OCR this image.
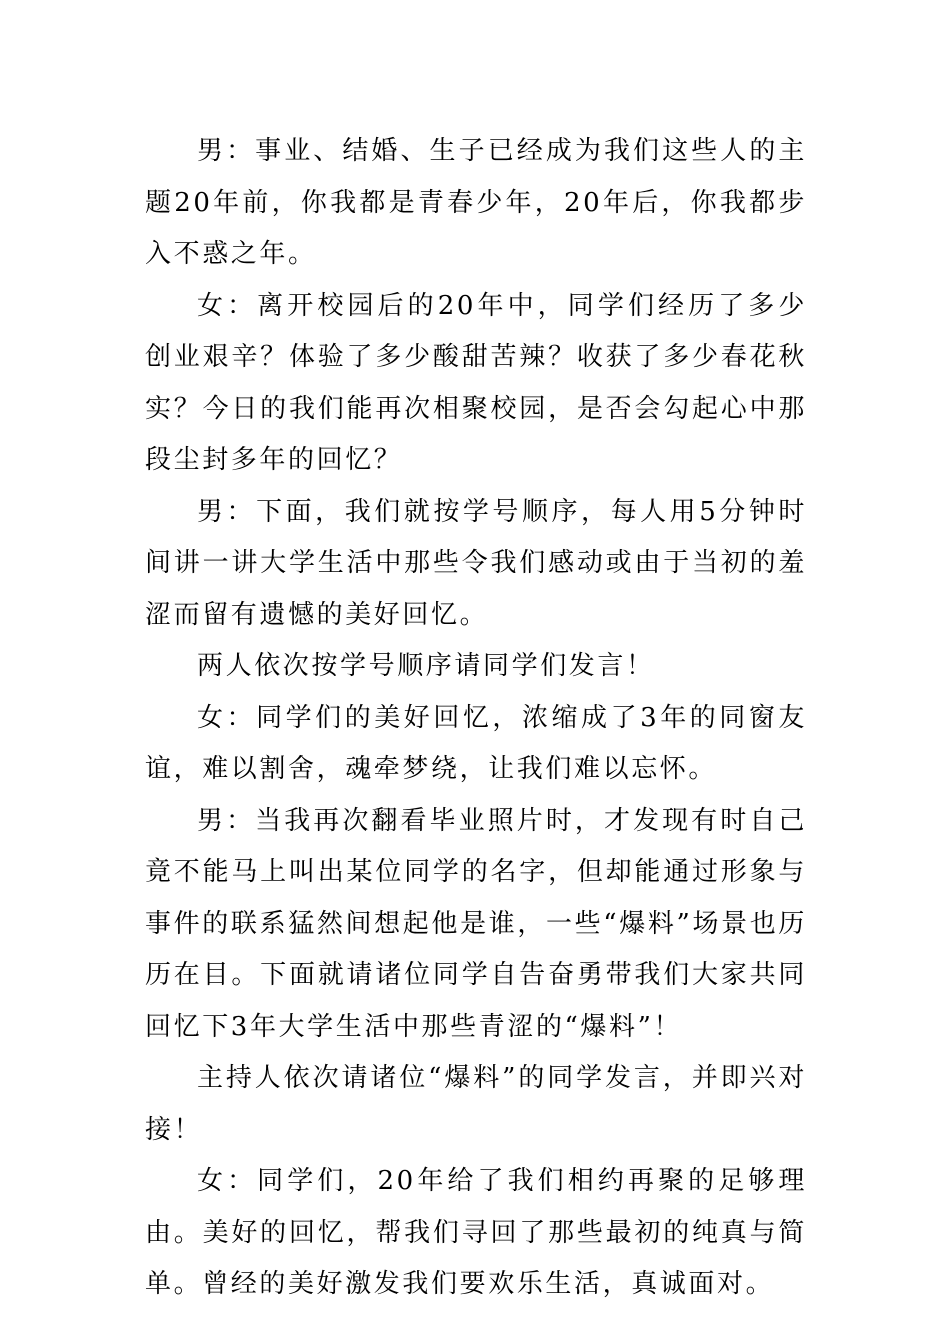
男：事业、结婚、生子已经成为我们这些人的主题20年前，你我都是青春少年，20年后，你我都步入不惑之年。

女：离开校园后的20年中，同学们经历了多少创业艰辛？体验了多少酸甜苦辣？收获了多少春花秋实？今日的我们能再次相聚校园，是否会勾起心中那段尘封多年的回忆？

男：下面，我们就按学号顺序，每人用5分钟时间讲一讲大学生活中那些令我们感动或由于当初的羞涩而留有遗憾的美好回忆。

两人依次按学号顺序请同学们发言！

女：同学们的美好回忆，浓缩成了3年的同窗友谊，难以割舍，魂牵梦绕，让我们难以忘怀。

男：当我再次翻看毕业照片时，才发现有时自己竟不能马上叫出某位同学的名字，但却能通过形象与事件的联系猛然间想起他是谁，一些“爆料”场景也历历在目。下面就请诸位同学自告奋勇带我们大家共同回忆下3年大学生活中那些青涩的“爆料”！

主持人依次请诸位“爆料”的同学发言，并即兴对接！

女：同学们，20年给了我们相约再聚的足够理由。美好的回忆，帮我们寻回了那些最初的纯真与简单。曾经的美好激发我们要欢乐生活，真诚面对。
